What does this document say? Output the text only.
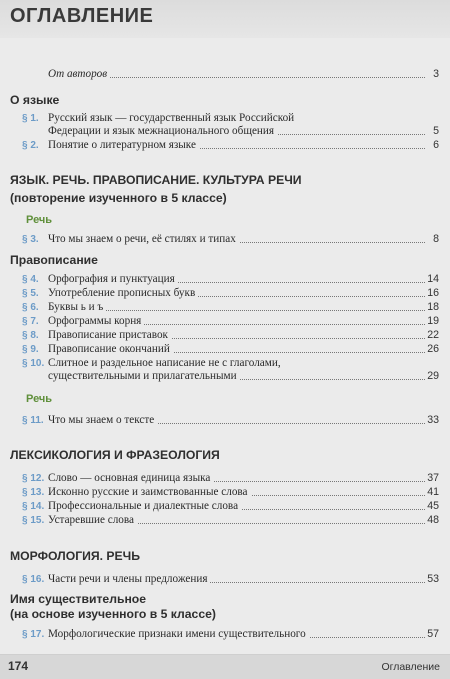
ОГЛАВЛЕНИЕ
От авторов	3
О языке
§ 1. Русский язык — государственный язык Российской
Федерации и язык межнационального общения	5
§ 2. Понятие о литературном языке	6
ЯЗЫК. РЕЧЬ. ПРАВОПИСАНИЕ. КУЛЬТУРА РЕЧИ
(повторение изученного в 5 классе)
Речь
§ 3. Что мы знаем о речи, её стилях и типах	8
Правописание
§ 4. Орфография и пунктуация	14
§ 5. Употребление прописных букв	16
§ 6. Буквы ь и ъ	18
§ 7. Орфограммы корня	19
§ 8. Правописание приставок	22
§ 9. Правописание окончаний	26
§ 10. Слитное и раздельное написание не с глаголами,
существительными и прилагательными	29
Речь
§ 11. Что мы знаем о тексте	33
ЛЕКСИКОЛОГИЯ И ФРАЗЕОЛОГИЯ
§ 12. Слово — основная единица языка	37
§ 13. Исконно русские и заимствованные слова	41
§ 14. Профессиональные и диалектные слова	45
§ 15. Устаревшие слова	48
МОРФОЛОГИЯ. РЕЧЬ
§ 16. Части речи и члены предложения	53
Имя существительное
(на основе изученного в 5 классе)
§ 17. Морфологические признаки имени существительного	57
174	Оглавление
